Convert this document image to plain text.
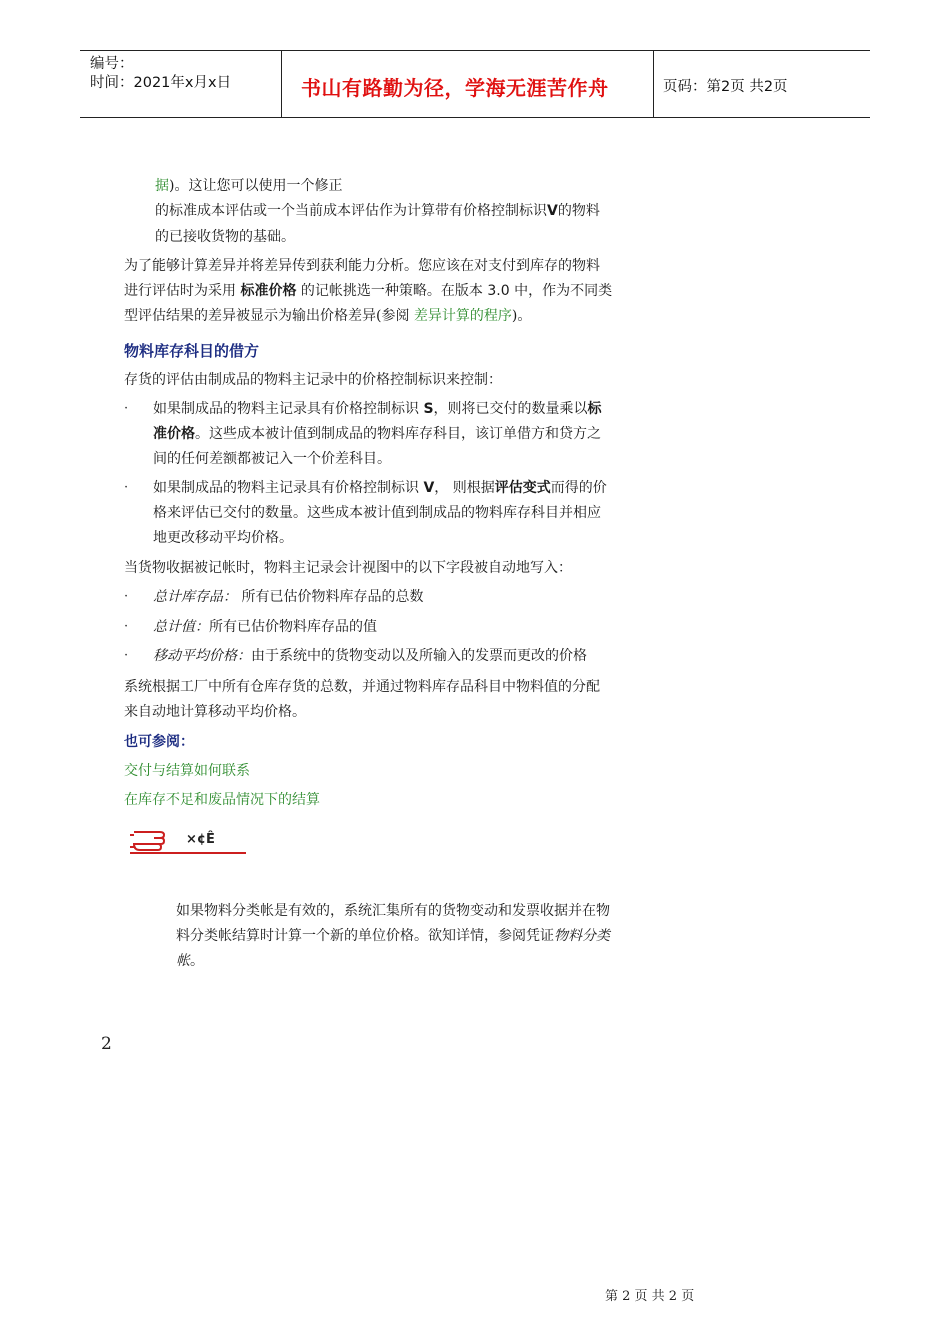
编号：
时间：2021年x月x日	书山有路勤为径，学海无涯苦作舟	页码：第2页 共2页
据)。这让您可以使用一个修正
的标准成本评估或一个当前成本评估作为计算带有价格控制标识V的物料
的已接收货物的基础。
为了能够计算差异并将差异传到获利能力分析。您应该在对支付到库存的物料
进行评估时为采用 标准价格 的记帐挑选一种策略。在版本 3.0 中，作为不同类
型评估结果的差异被显示为输出价格差异(参阅 差异计算的程序)。
物料库存科目的借方
存货的评估由制成品的物料主记录中的价格控制标识来控制：
· 如果制成品的物料主记录具有价格控制标识 S，则将已交付的数量乘以标
准价格。这些成本被计值到制成品的物料库存科目，该订单借方和贷方之
间的任何差额都被记入一个价差科目。
· 如果制成品的物料主记录具有价格控制标识 V， 则根据评估变式而得的价
格来评估已交付的数量。这些成本被计值到制成品的物料库存科目并相应
地更改移动平均价格。
当货物收据被记帐时，物料主记录会计视图中的以下字段被自动地写入：
· 总计库存品： 所有已估价物料库存品的总数
· 总计值：所有已估价物料库存品的值
· 移动平均价格：由于系统中的货物变动以及所输入的发票而更改的价格
系统根据工厂中所有仓库存货的总数，并通过物料库存品科目中物料值的分配
来自动地计算移动平均价格。
也可参阅：
交付与结算如何联系
在库存不足和废品情况下的结算
×¢Ê
如果物料分类帐是有效的，系统汇集所有的货物变动和发票收据并在物
料分类帐结算时计算一个新的单位价格。欲知详情，参阅凭证物料分类
帐。
2
第 2 页 共 2 页
